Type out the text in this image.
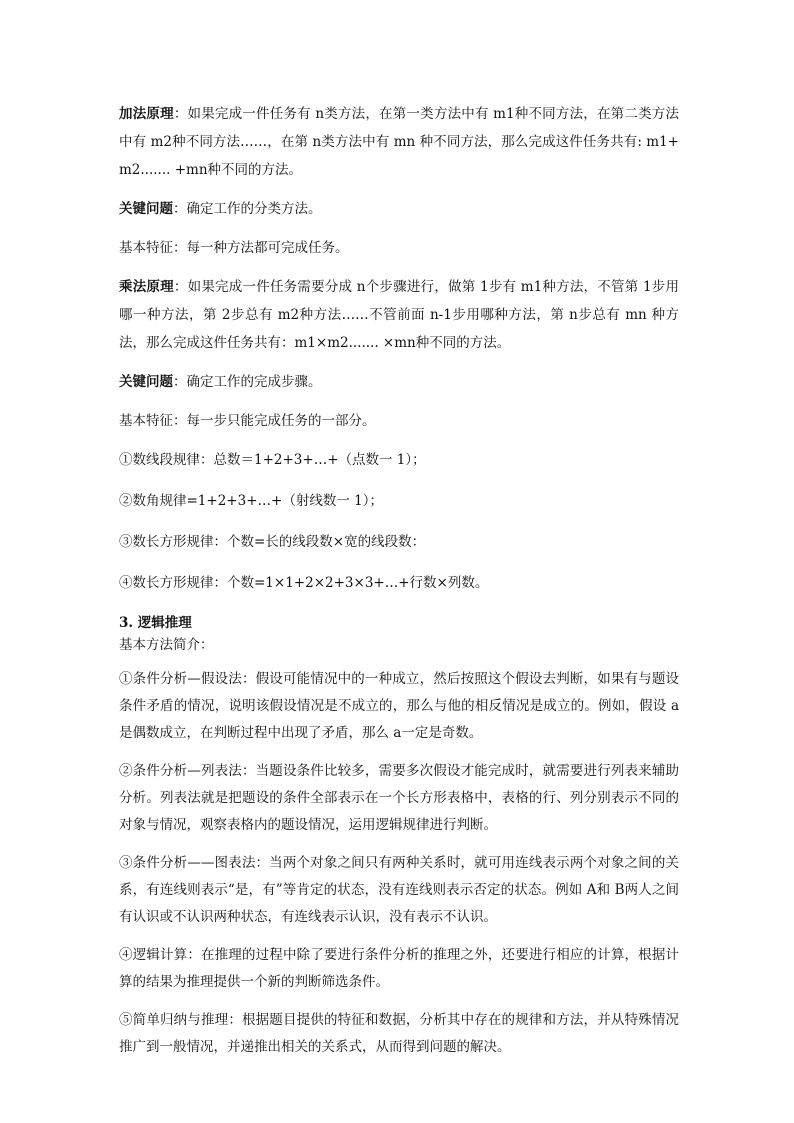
加法原理：如果完成一件任务有 n类方法，在第一类方法中有 m1种不同方法，在第二类方法中有 m2种不同方法……，在第 n类方法中有 mn 种不同方法，那么完成这件任务共有: m1+ m2....... +mn种不同的方法。

关键问题：确定工作的分类方法。

基本特征：每一种方法都可完成任务。

乘法原理：如果完成一件任务需要分成 n个步骤进行，做第 1步有 m1种方法，不管第 1步用哪一种方法，第 2步总有 m2种方法……不管前面 n-1步用哪种方法，第 n步总有 mn 种方法，那么完成这件任务共有：m1×m2....... ×mn种不同的方法。

关键问题：确定工作的完成步骤。

基本特征：每一步只能完成任务的一部分。

①数线段规律：总数＝1+2+3+…+（点数一 1）；

②数角规律=1+2+3+…+（射线数一 1）；

③数长方形规律：个数=长的线段数×宽的线段数：

④数长方形规律：个数=1×1+2×2+3×3+…+行数×列数。

3. 逻辑推理

基本方法简介：

①条件分析—假设法：假设可能情况中的一种成立，然后按照这个假设去判断，如果有与题设条件矛盾的情况，说明该假设情况是不成立的，那么与他的相反情况是成立的。例如，假设 a是偶数成立，在判断过程中出现了矛盾，那么 a一定是奇数。

②条件分析—列表法：当题设条件比较多，需要多次假设才能完成时，就需要进行列表来辅助分析。列表法就是把题设的条件全部表示在一个长方形表格中，表格的行、列分别表示不同的对象与情况，观察表格内的题设情况，运用逻辑规律进行判断。

③条件分析——图表法：当两个对象之间只有两种关系时，就可用连线表示两个对象之间的关系，有连线则表示“是，有”等肯定的状态，没有连线则表示否定的状态。例如 A和 B两人之间有认识或不认识两种状态，有连线表示认识，没有表示不认识。

④逻辑计算：在推理的过程中除了要进行条件分析的推理之外，还要进行相应的计算，根据计算的结果为推理提供一个新的判断筛选条件。

⑤简单归纳与推理：根据题目提供的特征和数据，分析其中存在的规律和方法，并从特殊情况推广到一般情况，并递推出相关的关系式，从而得到问题的解决。
